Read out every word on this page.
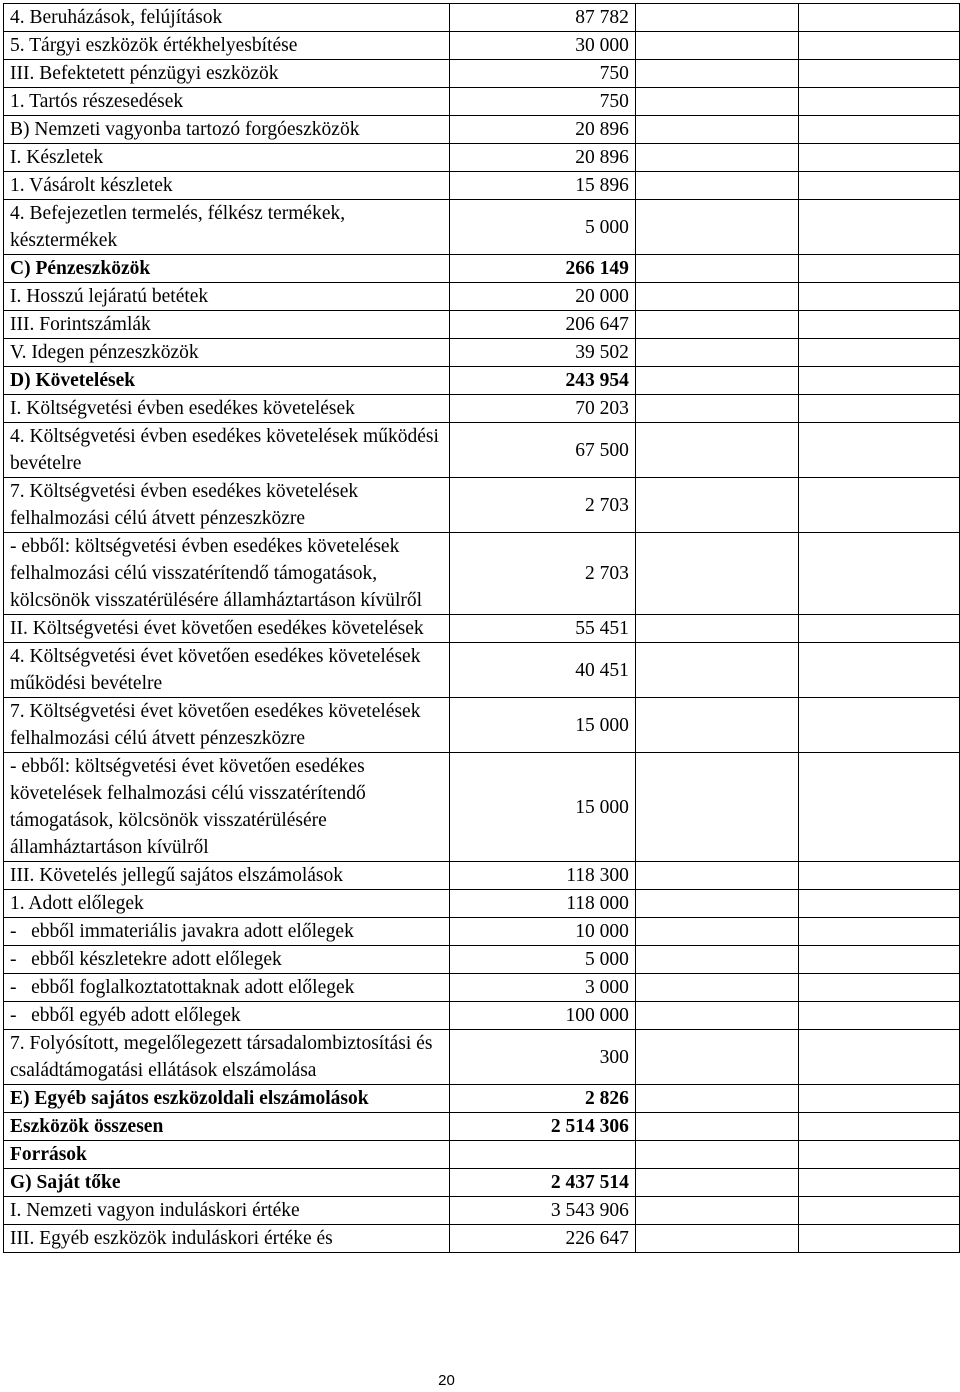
4. Beruházások, felújítások	87 782		
5. Tárgyi eszközök értékhelyesbítése	30 000		
III. Befektetett pénzügyi eszközök	750		
1. Tartós részesedések	750		
B) Nemzeti vagyonba tartozó forgóeszközök	20 896		
I. Készletek	20 896		
1. Vásárolt készletek	15 896		
4. Befejezetlen termelés, félkész termékek, késztermékek	5 000		
C) Pénzeszközök	266 149		
I. Hosszú lejáratú betétek	20 000		
III. Forintszámlák	206 647		
V. Idegen pénzeszközök	39 502		
D) Követelések	243 954		
I. Költségvetési évben esedékes követelések	70 203		
4. Költségvetési évben esedékes követelések működési bevételre	67 500		
7. Költségvetési évben esedékes követelések felhalmozási célú átvett pénzeszközre	2 703		
- ebből: költségvetési évben esedékes követelések felhalmozási célú visszatérítendő támogatások, kölcsönök visszatérülésére államháztartáson kívülről	2 703		
II. Költségvetési évet követően esedékes követelések	55 451		
4. Költségvetési évet követően esedékes követelések működési bevételre	40 451		
7. Költségvetési évet követően esedékes követelések felhalmozási célú átvett pénzeszközre	15 000		
- ebből: költségvetési évet követően esedékes követelések felhalmozási célú visszatérítendő támogatások, kölcsönök visszatérülésére államháztartáson kívülről	15 000		
III. Követelés jellegű sajátos elszámolások	118 300		
1. Adott előlegek	118 000		
-   ebből immateriális javakra adott előlegek	10 000		
-   ebből készletekre adott előlegek	5 000		
-   ebből foglalkoztatottaknak adott előlegek	3 000		
-   ebből egyéb adott előlegek	100 000		
7. Folyósított, megelőlegezett társadalombiztosítási és családtámogatási ellátások elszámolása	300		
E) Egyéb sajátos eszközoldali elszámolások	2 826		
Eszközök összesen	2 514 306		
Források			
G) Saját tőke	2 437 514		
I. Nemzeti vagyon induláskori értéke	3 543 906		
III. Egyéb eszközök induláskori értéke és	226 647		
20
